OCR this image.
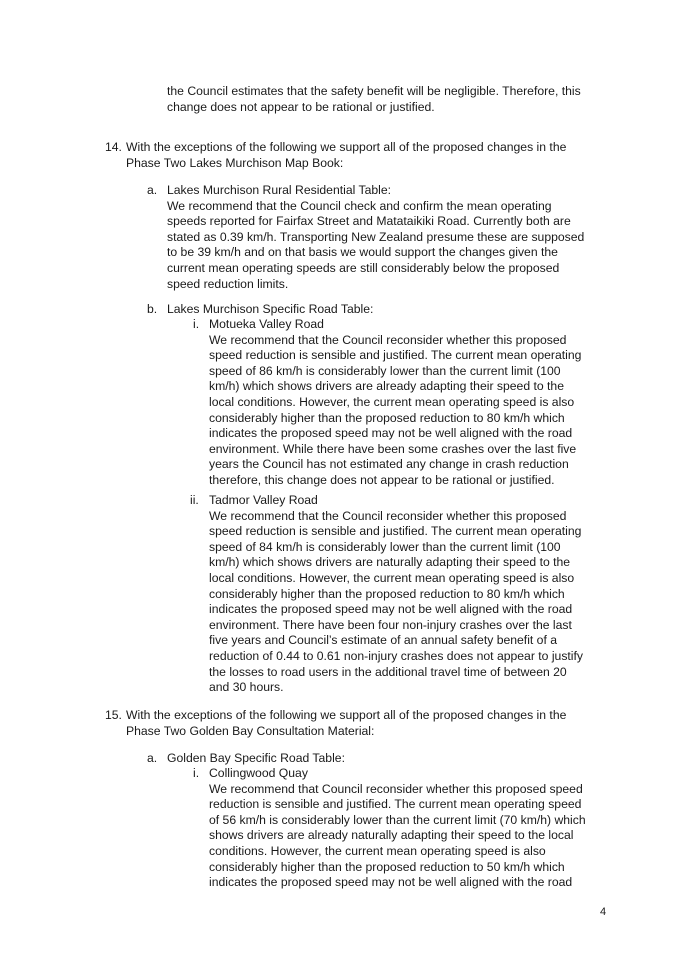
the Council estimates that the safety benefit will be negligible. Therefore, this
change does not appear to be rational or justified.
14. With the exceptions of the following we support all of the proposed changes in the
Phase Two Lakes Murchison Map Book:
a. Lakes Murchison Rural Residential Table:
We recommend that the Council check and confirm the mean operating
speeds reported for Fairfax Street and Matataikiki Road. Currently both are
stated as 0.39 km/h. Transporting New Zealand presume these are supposed
to be 39 km/h and on that basis we would support the changes given the
current mean operating speeds are still considerably below the proposed
speed reduction limits.
b. Lakes Murchison Specific Road Table:
i. Motueka Valley Road
We recommend that the Council reconsider whether this proposed
speed reduction is sensible and justified. The current mean operating
speed of 86 km/h is considerably lower than the current limit (100
km/h) which shows drivers are already adapting their speed to the
local conditions. However, the current mean operating speed is also
considerably higher than the proposed reduction to 80 km/h which
indicates the proposed speed may not be well aligned with the road
environment. While there have been some crashes over the last five
years the Council has not estimated any change in crash reduction
therefore, this change does not appear to be rational or justified.
ii. Tadmor Valley Road
We recommend that the Council reconsider whether this proposed
speed reduction is sensible and justified. The current mean operating
speed of 84 km/h is considerably lower than the current limit (100
km/h) which shows drivers are naturally adapting their speed to the
local conditions. However, the current mean operating speed is also
considerably higher than the proposed reduction to 80 km/h which
indicates the proposed speed may not be well aligned with the road
environment. There have been four non-injury crashes over the last
five years and Council’s estimate of an annual safety benefit of a
reduction of 0.44 to 0.61 non-injury crashes does not appear to justify
the losses to road users in the additional travel time of between 20
and 30 hours.
15. With the exceptions of the following we support all of the proposed changes in the
Phase Two Golden Bay Consultation Material:
a. Golden Bay Specific Road Table:
i. Collingwood Quay
We recommend that Council reconsider whether this proposed speed
reduction is sensible and justified. The current mean operating speed
of 56 km/h is considerably lower than the current limit (70 km/h) which
shows drivers are already naturally adapting their speed to the local
conditions. However, the current mean operating speed is also
considerably higher than the proposed reduction to 50 km/h which
indicates the proposed speed may not be well aligned with the road
4
